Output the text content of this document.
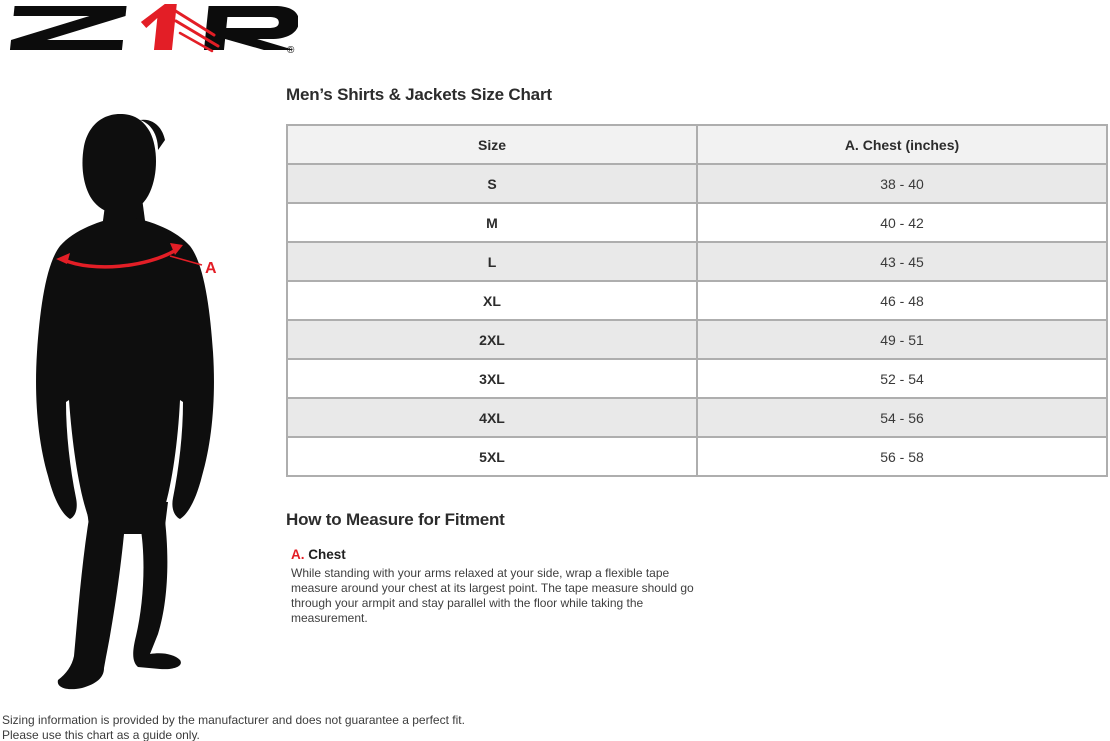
®
A
Men’s Shirts & Jackets Size Chart
Size	A. Chest (inches)
S	38 - 40
M	40 - 42
L	43 - 45
XL	46 - 48
2XL	49 - 51
3XL	52 - 54
4XL	54 - 56
5XL	56 - 58
How to Measure for Fitment
A. Chest
While standing with your arms relaxed at your side, wrap a flexible tape measure around your chest at its largest point. The tape measure should go through your armpit and stay parallel with the floor while taking the measurement.
Sizing information is provided by the manufacturer and does not guarantee a perfect fit.
Please use this chart as a guide only.
